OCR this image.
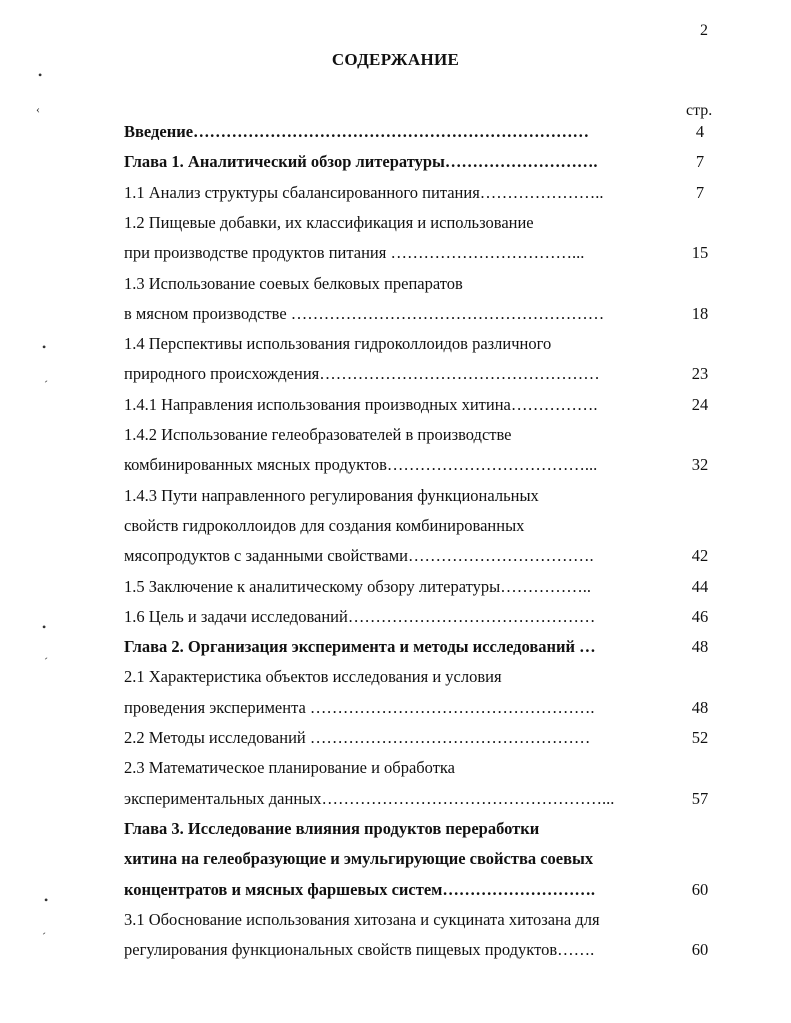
2
СОДЕРЖАНИЕ
стр.
Введение………………………………………………………………	4
Глава 1. Аналитический обзор литературы……………………….	7
1.1 Анализ структуры сбалансированного питания…………………..	7
1.2 Пищевые добавки, их классификация и использование
при производстве продуктов питания ……………………………...	15
1.3 Использование соевых белковых препаратов
в мясном производстве …………………………………………………	18
1.4 Перспективы использования гидроколлоидов различного
природного происхождения……………………………………………	23
1.4.1 Направления использования производных хитина…………….	24
1.4.2 Использование гелеобразователей в производстве
комбинированных мясных продуктов………………………………...	32
1.4.3 Пути направленного регулирования функциональных
свойств гидроколлоидов для создания комбинированных
мясопродуктов с заданными свойствами…………………………….	42
1.5 Заключение к аналитическому обзору литературы……………..	44
1.6 Цель и задачи исследований………………………………………	46
Глава 2. Организация эксперимента и методы исследований …	48
2.1 Характеристика объектов исследования и условия
проведения эксперимента …………………………………………….	48
2.2 Методы исследований ……………………………………………	52
2.3 Математическое планирование и обработка
экспериментальных данных……………………………………………...	57
Глава 3. Исследование влияния продуктов переработки
хитина на гелеобразующие и эмульгирующие свойства соевых
концентратов и мясных фаршевых систем……………………….	60
3.1 Обоснование использования хитозана и сукцината хитозана для
регулирования функциональных свойств пищевых продуктов…….	60
•
‹
•
´
•
´
•
´
